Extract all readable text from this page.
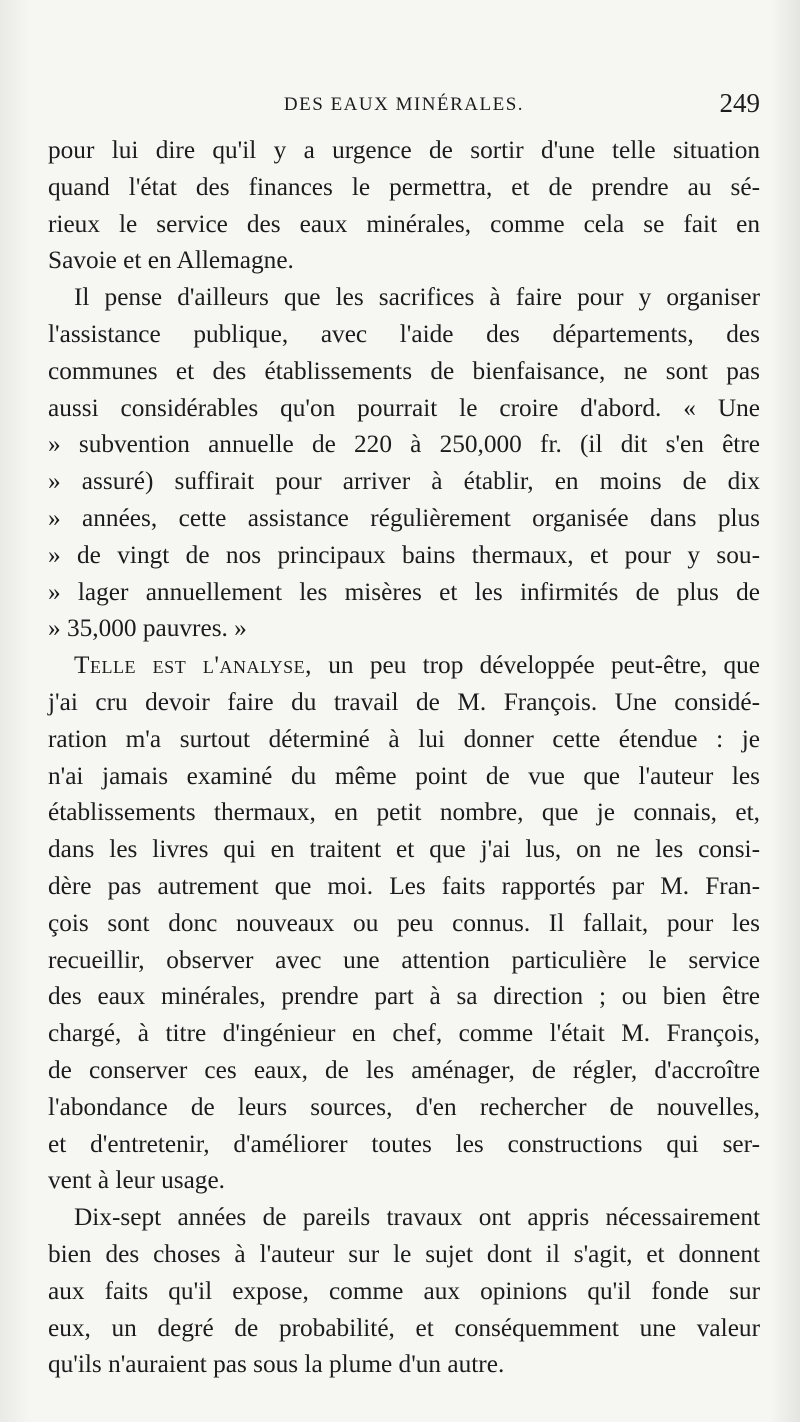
DES EAUX MINÉRALES.	249
pour lui dire qu'il y a urgence de sortir d'une telle situation
quand l'état des finances le permettra, et de prendre au sé-
rieux le service des eaux minérales, comme cela se fait en
Savoie et en Allemagne.
Il pense d'ailleurs que les sacrifices à faire pour y organiser
l'assistance publique, avec l'aide des départements, des
communes et des établissements de bienfaisance, ne sont pas
aussi considérables qu'on pourrait le croire d'abord. « Une
» subvention annuelle de 220 à 250,000 fr. (il dit s'en être
» assuré) suffirait pour arriver à établir, en moins de dix
» années, cette assistance régulièrement organisée dans plus
» de vingt de nos principaux bains thermaux, et pour y sou-
» lager annuellement les misères et les infirmités de plus de
» 35,000 pauvres. »
Telle est l'analyse, un peu trop développée peut-être, que
j'ai cru devoir faire du travail de M. François. Une considé-
ration m'a surtout déterminé à lui donner cette étendue : je
n'ai jamais examiné du même point de vue que l'auteur les
établissements thermaux, en petit nombre, que je connais, et,
dans les livres qui en traitent et que j'ai lus, on ne les consi-
dère pas autrement que moi. Les faits rapportés par M. Fran-
çois sont donc nouveaux ou peu connus. Il fallait, pour les
recueillir, observer avec une attention particulière le service
des eaux minérales, prendre part à sa direction ; ou bien être
chargé, à titre d'ingénieur en chef, comme l'était M. François,
de conserver ces eaux, de les aménager, de régler, d'accroître
l'abondance de leurs sources, d'en rechercher de nouvelles,
et d'entretenir, d'améliorer toutes les constructions qui ser-
vent à leur usage.
Dix-sept années de pareils travaux ont appris nécessairement
bien des choses à l'auteur sur le sujet dont il s'agit, et donnent
aux faits qu'il expose, comme aux opinions qu'il fonde sur
eux, un degré de probabilité, et conséquemment une valeur
qu'ils n'auraient pas sous la plume d'un autre.
